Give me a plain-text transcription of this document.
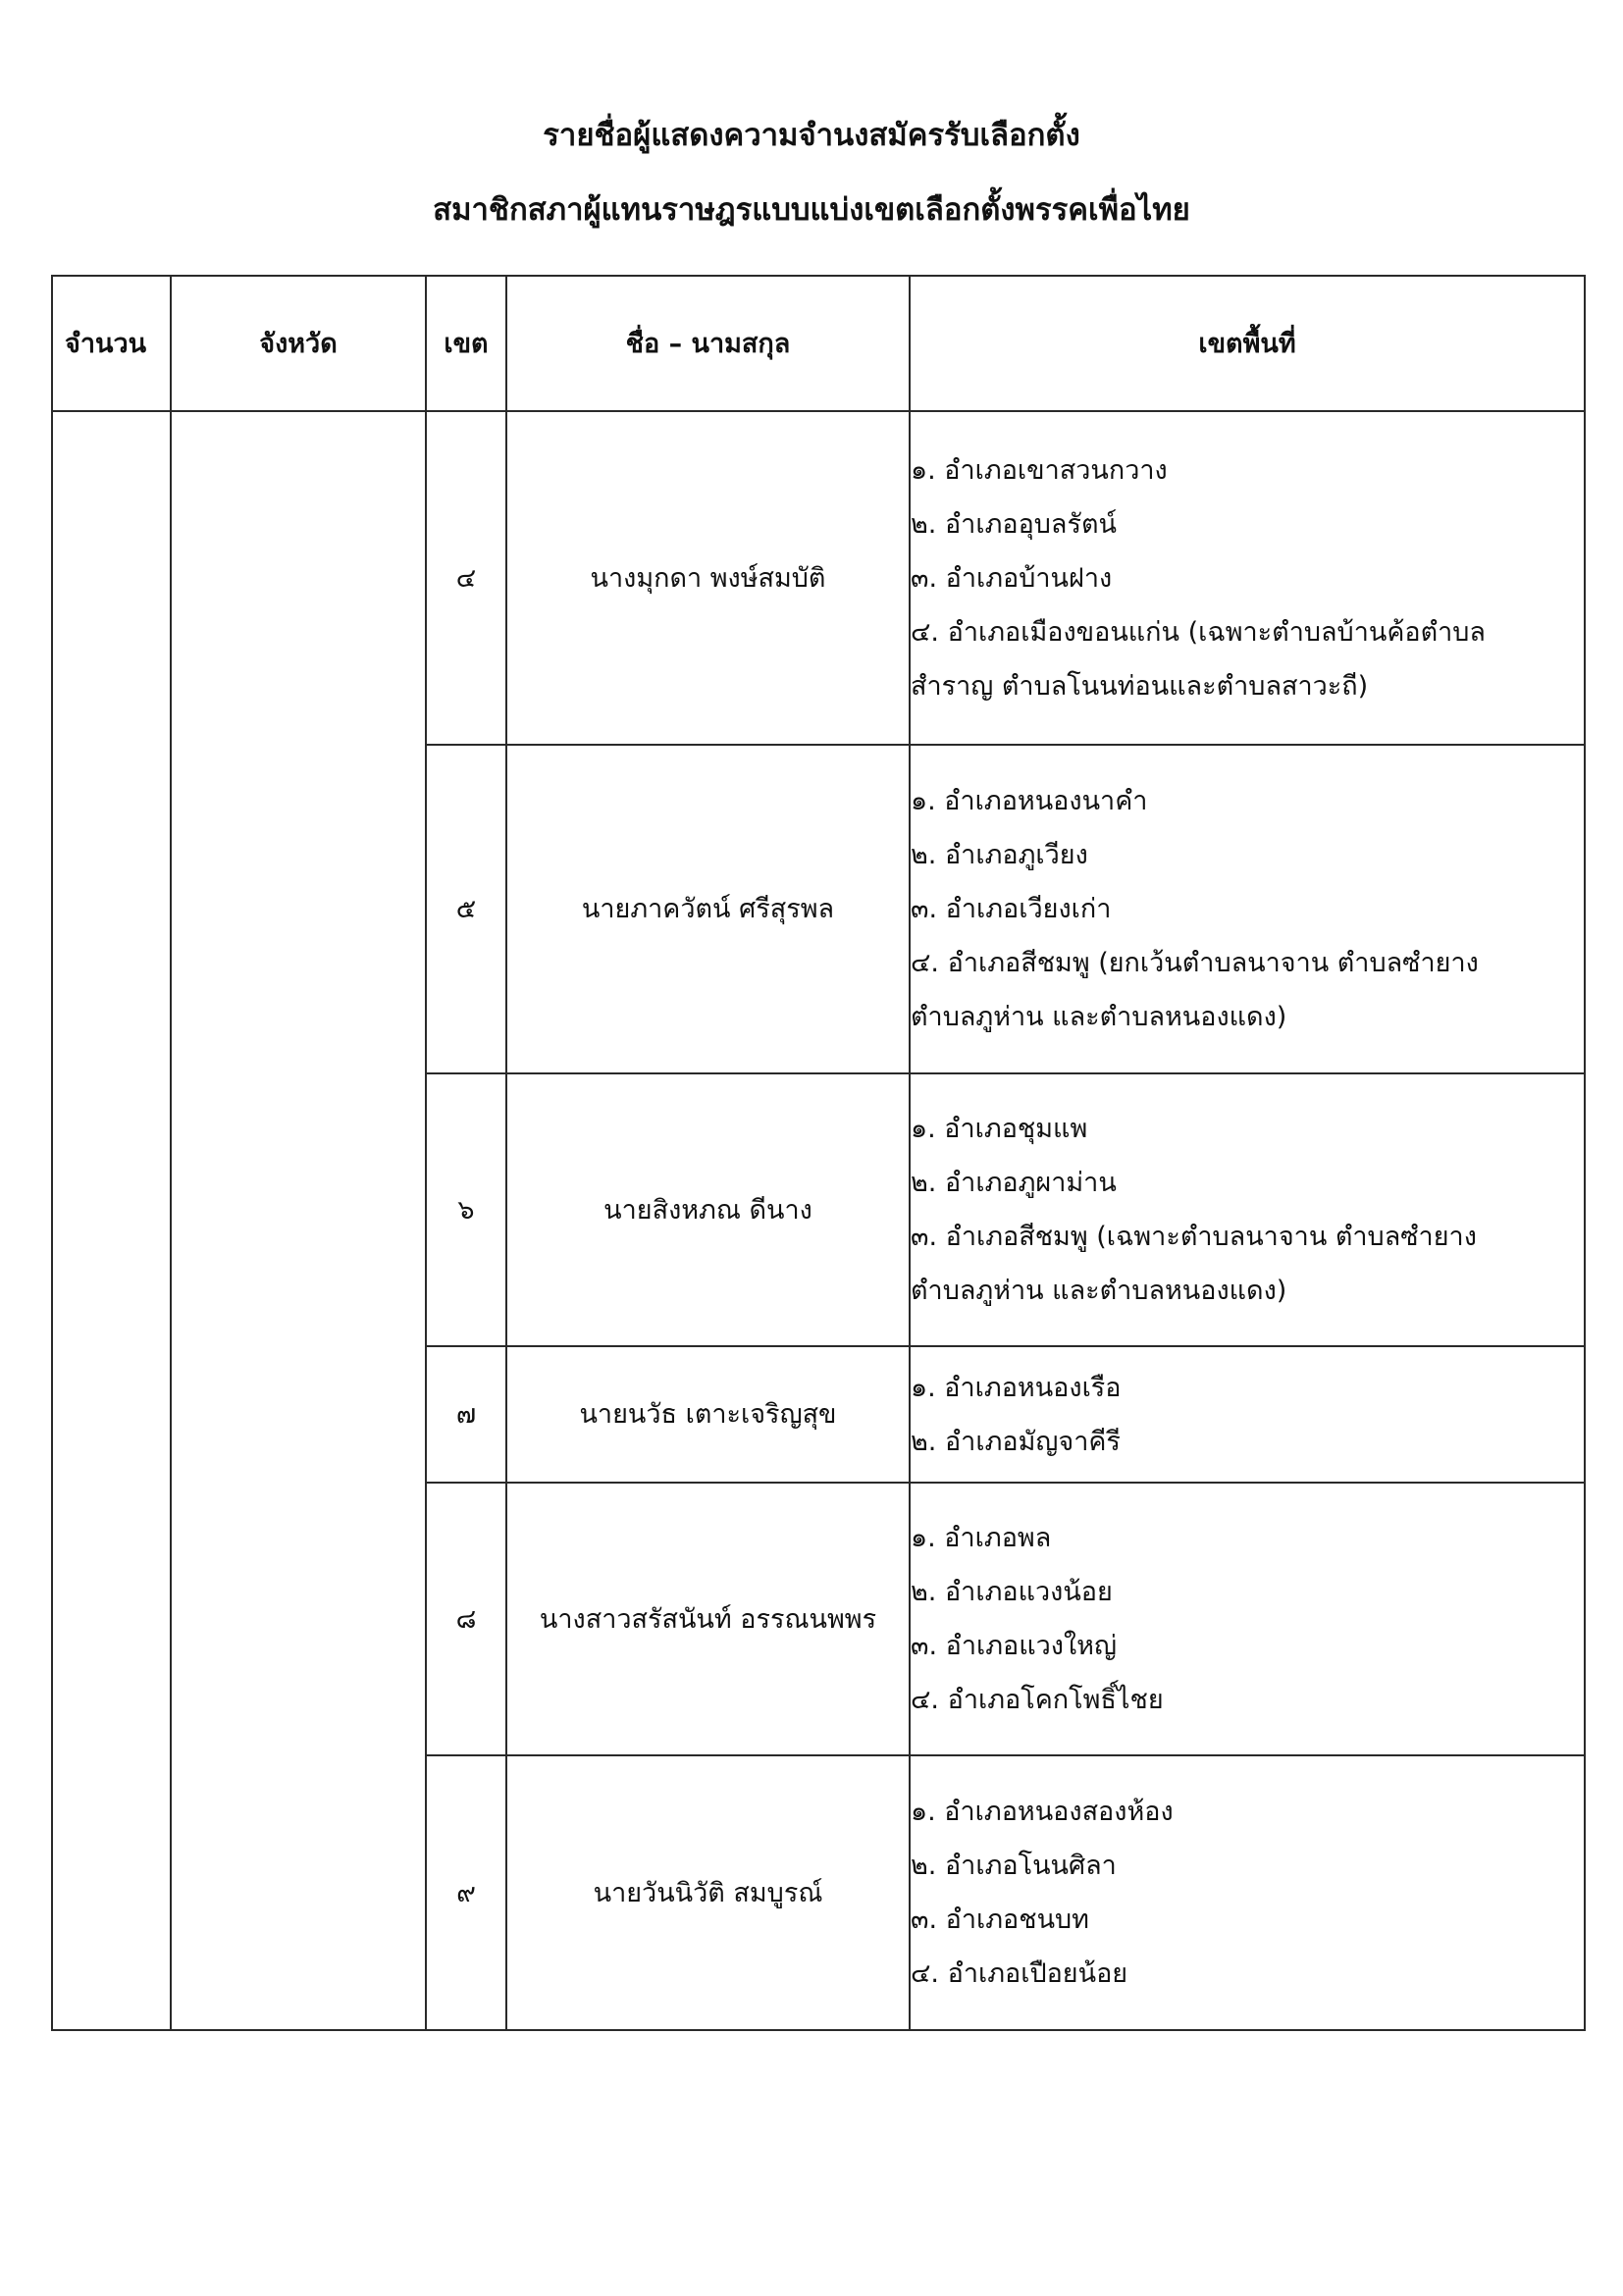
รายชื่อผู้แสดงความจำนงสมัครรับเลือกตั้ง
สมาชิกสภาผู้แทนราษฎรแบบแบ่งเขตเลือกตั้งพรรคเพื่อไทย
จำนวน	จังหวัด	เขต	ชื่อ – นามสกุล	เขตพื้นที่
		๔	นางมุกดา พงษ์สมบัติ	๑. อำเภอเขาสวนกวาง
๒. อำเภออุบลรัตน์
๓. อำเภอบ้านฝาง
๔. อำเภอเมืองขอนแก่น (เฉพาะตำบลบ้านค้อตำบล
สำราญ ตำบลโนนท่อนและตำบลสาวะถี)

		๕	นายภาควัตน์ ศรีสุรพล	๑. อำเภอหนองนาคำ
๒. อำเภอภูเวียง
๓. อำเภอเวียงเก่า
๔. อำเภอสีชมพู (ยกเว้นตำบลนาจาน ตำบลซำยาง
ตำบลภูห่าน และตำบลหนองแดง)

		๖	นายสิงหภณ ดีนาง	๑. อำเภอชุมแพ
๒. อำเภอภูผาม่าน
๓. อำเภอสีชมพู (เฉพาะตำบลนาจาน ตำบลซำยาง
ตำบลภูห่าน และตำบลหนองแดง)

		๗	นายนวัธ เตาะเจริญสุข	๑. อำเภอหนองเรือ
๒. อำเภอมัญจาคีรี

		๘	นางสาวสรัสนันท์ อรรณนพพร	๑. อำเภอพล
๒. อำเภอแวงน้อย
๓. อำเภอแวงใหญ่
๔. อำเภอโคกโพธิ์ไชย

		๙	นายวันนิวัติ สมบูรณ์	๑. อำเภอหนองสองห้อง
๒. อำเภอโนนศิลา
๓. อำเภอชนบท
๔. อำเภอเปือยน้อย
